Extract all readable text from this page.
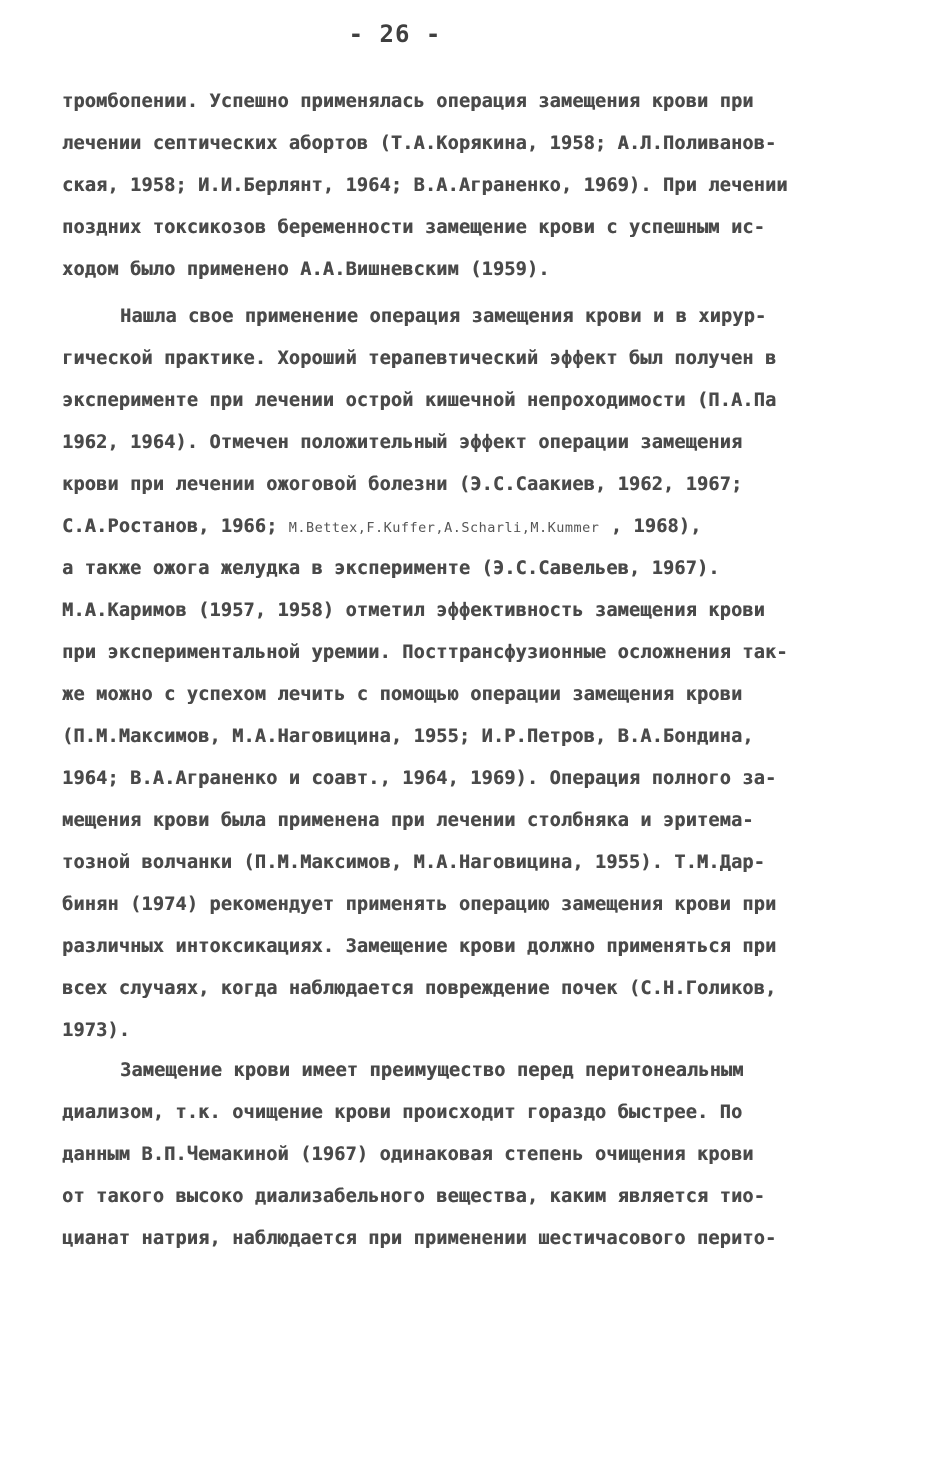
- 26 -
тромбопении. Успешно применялась операция замещения крови при
лечении септических абортов (Т.А.Корякина, 1958; А.Л.Поливанов-
ская, 1958; И.И.Берлянт, 1964; В.А.Аграненко, 1969). При лечении
поздних токсикозов беременности замещение крови с успешным ис-
ходом было применено А.А.Вишневским (1959).
Нашла свое применение операция замещения крови и в хирур-
гической практике. Хороший терапевтический эффект был получен в
эксперименте при лечении острой кишечной непроходимости (П.А.Па
1962, 1964). Отмечен положительный эффект операции замещения
крови при лечении ожоговой болезни (Э.С.Саакиев, 1962, 1967;
С.А.Ростанов, 1966; M.Bettex,F.Kuffer,A.Scharli,M.Kummer , 1968),
а также ожога желудка в эксперименте (Э.С.Савельев, 1967).
М.А.Каримов (1957, 1958) отметил эффективность замещения крови
при экспериментальной уремии. Посттрансфузионные осложнения так-
же можно с успехом лечить с помощью операции замещения крови
(П.М.Максимов, М.А.Наговицина, 1955; И.Р.Петров, В.А.Бондина,
1964; В.А.Аграненко и соавт., 1964, 1969). Операция полного за-
мещения крови была применена при лечении столбняка и эритема-
тозной волчанки (П.М.Максимов, М.А.Наговицина, 1955). Т.М.Дар-
бинян (1974) рекомендует применять операцию замещения крови при
различных интоксикациях. Замещение крови должно применяться при
всех случаях, когда наблюдается повреждение почек (С.Н.Голиков,
1973).
Замещение крови имеет преимущество перед перитонеальным
диализом, т.к. очищение крови происходит гораздо быстрее. По
данным В.П.Чемакиной (1967) одинаковая степень очищения крови
от такого высоко диализабельного вещества, каким является тио-
цианат натрия, наблюдается при применении шестичасового перито-
